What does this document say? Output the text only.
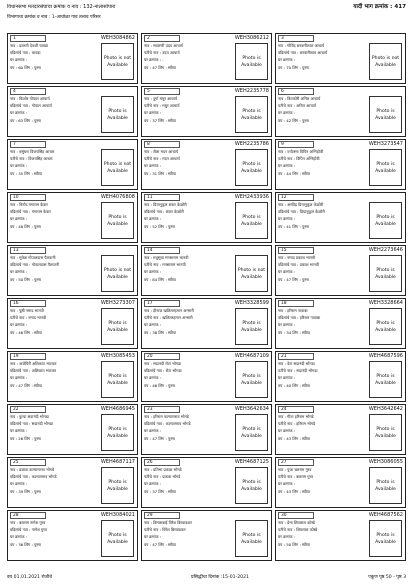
विधानसभा मतदारसंघाचा क्रमांक व नाव : 132-नालासोपारा	यादी भाग क्रमांक : 417
विभागाचा क्रमांक व नाव : 1-आचोळा गाव तलाव परिसर
1	WEH3084862
नाव : दशरती देवजी चावडा
वडिलांचे नाव : चावडा
घर क्रमांक :
वय : 60 लिंग : पुरुष
Photo is not Available
2	WEH3086212
नाव : सावरणी उदय आचार्य
पतीचे नाव : उदय आचार्य
घर क्रमांक : -
वय : 47 लिंग : स्त्रीया
Photo is Available
3
नाव : गोविंद बनवारीलाल आचार्य
वडिलांचे नाव : बनवारीलाल आचार्य
घर क्रमांक :
वय : 70 लिंग : पुरुष
Photo is not Available
4
नाव : किशोर गोपाल आचार्य
वडिलांचे नाव : गोपाल आचार्य
घर क्रमांक :
वय : 63 लिंग : पुरुष
Photo is Available
5	WEH2235778
नाव : दुर्गा मधुर आचार्य
पतीचे नाव : मधुर आचार्य
घर क्रमांक :
वय : 37 लिंग : स्त्रीया
Photo is Available
6
नाव : किरकोरी अनिल आचार्य
पतीचे नाव : अनिल आचार्य
घर क्रमांक :
वय : 42 लिंग : पुरुष
Photo is Available
7
नाव : वसुंधरा विजयसिंह आचरा
पतीचे नाव : विजयसिंह आचरा
घर क्रमांक :
वय : 35 लिंग : स्त्रीया
Photo is not Available
8	WEH2235786
नाव : शैला मदन आचार्य
पतीचे नाव : मदन आचार्य
घर क्रमांक :
वय : 31 लिंग : स्त्रीया
Photo is Available
9	WEH3273547
नाव : ज्योत्स्ना विपिन अग्निहोत्री
पतीचे नाव : विपिन अग्निहोत्री
घर क्रमांक :
वय : 44 लिंग : स्त्रीया
Photo is Available
10	WEH4076808
नाव : विनोद गंगाराम केकर
वडिलांचे नाव : गंगाराम केकर
घर क्रमांक :
वय : 48 लिंग : पुरुष
Photo is Available
11	WEH2433936
नाव : प्रियानुकूल शंकर केळोरी
वडिलांचे नाव : शंकर केळोरी
घर क्रमांक :
वय : 52 लिंग : पुरुष
Photo is Available
12
नाव : अरविंद्र प्रियानुकूल केळोरी
वडिलांचे नाव : प्रियानुकूल केळोरी
घर क्रमांक :
वय : 41 लिंग : पुरुष
Photo is Available
13
नाव : मुकेश गोपालदास पैलवानी
वडिलांचे नाव : गोपालदास पैलवानी
घर क्रमांक :
वय : 50 लिंग : पुरुष
Photo is not Available
14
नाव : मधुसुधा मनसाराम भानवी
पतीचे नाव : मनसाराम भानवी
घर क्रमांक :
वय : 84 लिंग : स्त्रीया
Photo is not Available
15	WEH2273646
नाव : नमाद प्रकाश भानवी
वडिलांचे नाव : प्रकाश भानवी
घर क्रमांक :
वय : 47 लिंग : पुरुष
Photo is Available
16	WEH3273307
नाव : पुष्ठी नमाद भानवी
पतीचे नाव : नमाद भानवी
घर क्रमांक :
वय : 46 लिंग : स्त्रीया
Photo is Available
17	WEH3328599
नाव : हीनाज़ खलिलरहमान अन्सारी
पतीचे नाव : खलिलरहमान अन्सारी
घर क्रमांक :
वय : 38 लिंग : स्त्रीया
Photo is Available
18	WEH3328664
नाव : हरिराम नावाबा
वडिलांचे नाव : हरिराम नावाबा
घर क्रमांक :
वय : 34 लिंग : स्त्रीया
Photo is Available
19	WEH3085453
नाव : अजेयिरी अशिकांत भाटकर
वडिलांचे नाव : अशिकांत भाटकर
घर क्रमांक :
वय : 47 लिंग : स्त्रीया
Photo is Available
20	WEH4687109
नाव : सदानंदी रोटा भोगडा
वडिलांचे नाव : रोटा भोगडा
घर क्रमांक :
वय : 46 लिंग : पुरुष
Photo is Available
21	WEH4687596
नाव : वेटा सदानंदी भोगडा
पतीचे नाव : सदानंदी भोगडा
घर क्रमांक :
वय : 40 लिंग : स्त्रीया
Photo is Available
22	WEH4686945
नाव : कुन्दा सदानंदी भोगडा
वडिलांचे नाव : सदानंदी भोगडा
घर क्रमांक :
वय : 26 लिंग : पुरुष
Photo is Available
23	WEH3642634
नाव : हरिराम कल्याणराव भोगडे
वडिलांचे नाव : कल्याणराव भोगडे
घर क्रमांक :
वय : 47 लिंग : पुरुष
Photo is Available
24	WEH3642642
नाव : गीता हरिराम भोगडे
पतीचे नाव : हरिराम भोगडे
घर क्रमांक :
वय : 43 लिंग : स्त्रीया
Photo is Available
25	WEH4687117
नाव : प्रकाश कल्याणराव भोगडे
वडिलांचे नाव : कल्याणराव भोगडे
घर क्रमांक :
वय : 39 लिंग : पुरुष
Photo is Available
26	WEH4687125
नाव : प्रतिभा प्रकाश भोगडे
पतीचे नाव : प्रकाश भोगडे
घर क्रमांक :
वय : 37 लिंग : स्त्रीया
Photo is Available
27	WEH3086055
नाव : पुजा बलराम गुरव
पतीचे नाव : बलराम गुरव
घर क्रमांक :
वय : 43 लिंग : स्त्रीया
Photo is Available
28	WEH3084021
नाव : बलराम नागेश गुरव
वडिलांचे नाव : नागेश गुरव
घर क्रमांक :
वय : 36 लिंग : पुरुष
Photo is Available
29
नाव : विमलाबाई विरेश बिरवाडकर
पतीचे नाव : विरेश बिरवाडकर
घर क्रमांक :
वय : 47 लिंग : स्त्रीया
Photo is Available
30	WEH4687562
नाव : प्रेमा शिवलाल कोस्डे
पतीचे नाव : शिवलाल कोस्डे
घर क्रमांक :
वय : 50 लिंग : स्त्रीया
Photo is Available
वय 01.01.2021 रोजीचे	प्रसिद्धीचा दिनांक :15-01-2021	एकूण पृष्ठ 50 - पृष्ठ 3
